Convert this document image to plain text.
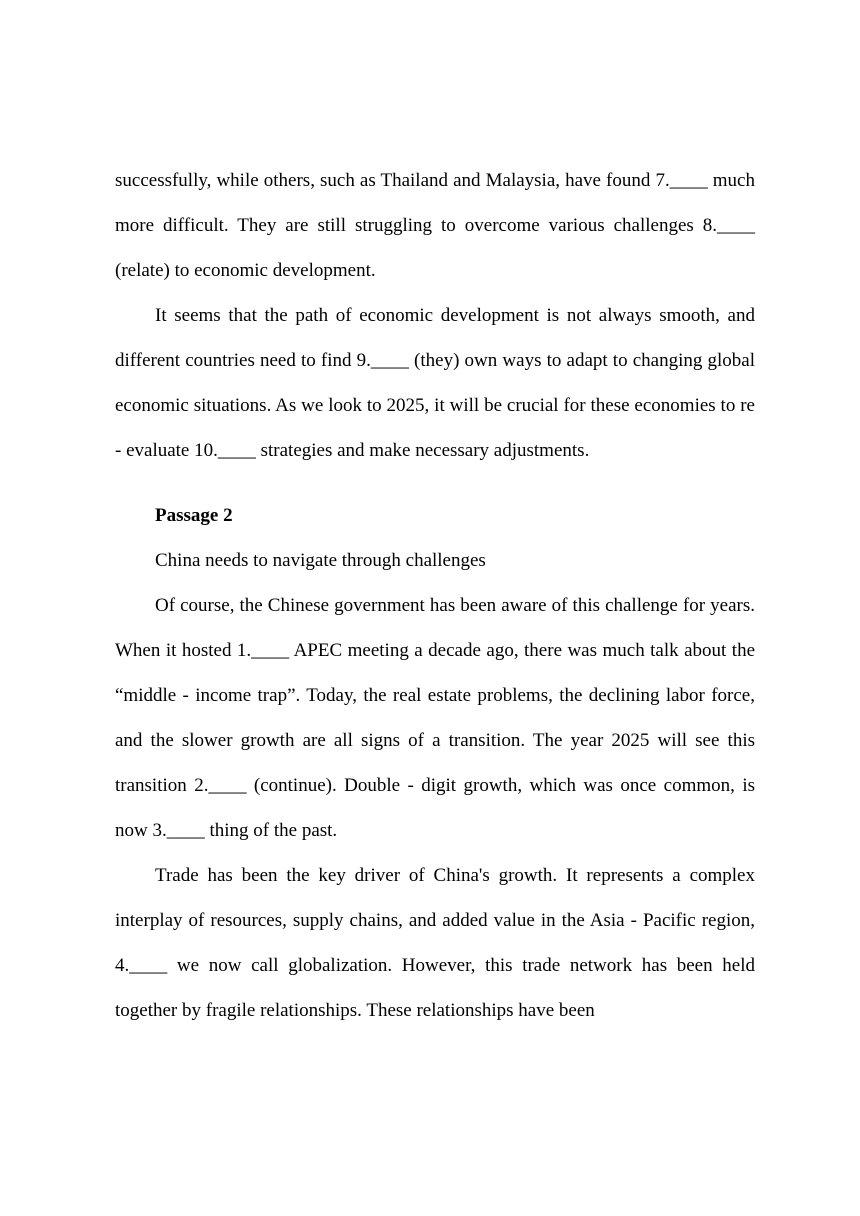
successfully, while others, such as Thailand and Malaysia, have found 7.____ much more difficult. They are still struggling to overcome various challenges 8.____ (relate) to economic development.

It seems that the path of economic development is not always smooth, and different countries need to find 9.____ (they) own ways to adapt to changing global economic situations. As we look to 2025, it will be crucial for these economies to re - evaluate 10.____ strategies and make necessary adjustments.

Passage 2

China needs to navigate through challenges

Of course, the Chinese government has been aware of this challenge for years. When it hosted 1.____ APEC meeting a decade ago, there was much talk about the “middle - income trap”. Today, the real estate problems, the declining labor force, and the slower growth are all signs of a transition. The year 2025 will see this transition 2.____ (continue). Double - digit growth, which was once common, is now 3.____ thing of the past.

Trade has been the key driver of China's growth. It represents a complex interplay of resources, supply chains, and added value in the Asia - Pacific region, 4.____ we now call globalization. However, this trade network has been held together by fragile relationships. These relationships have been
